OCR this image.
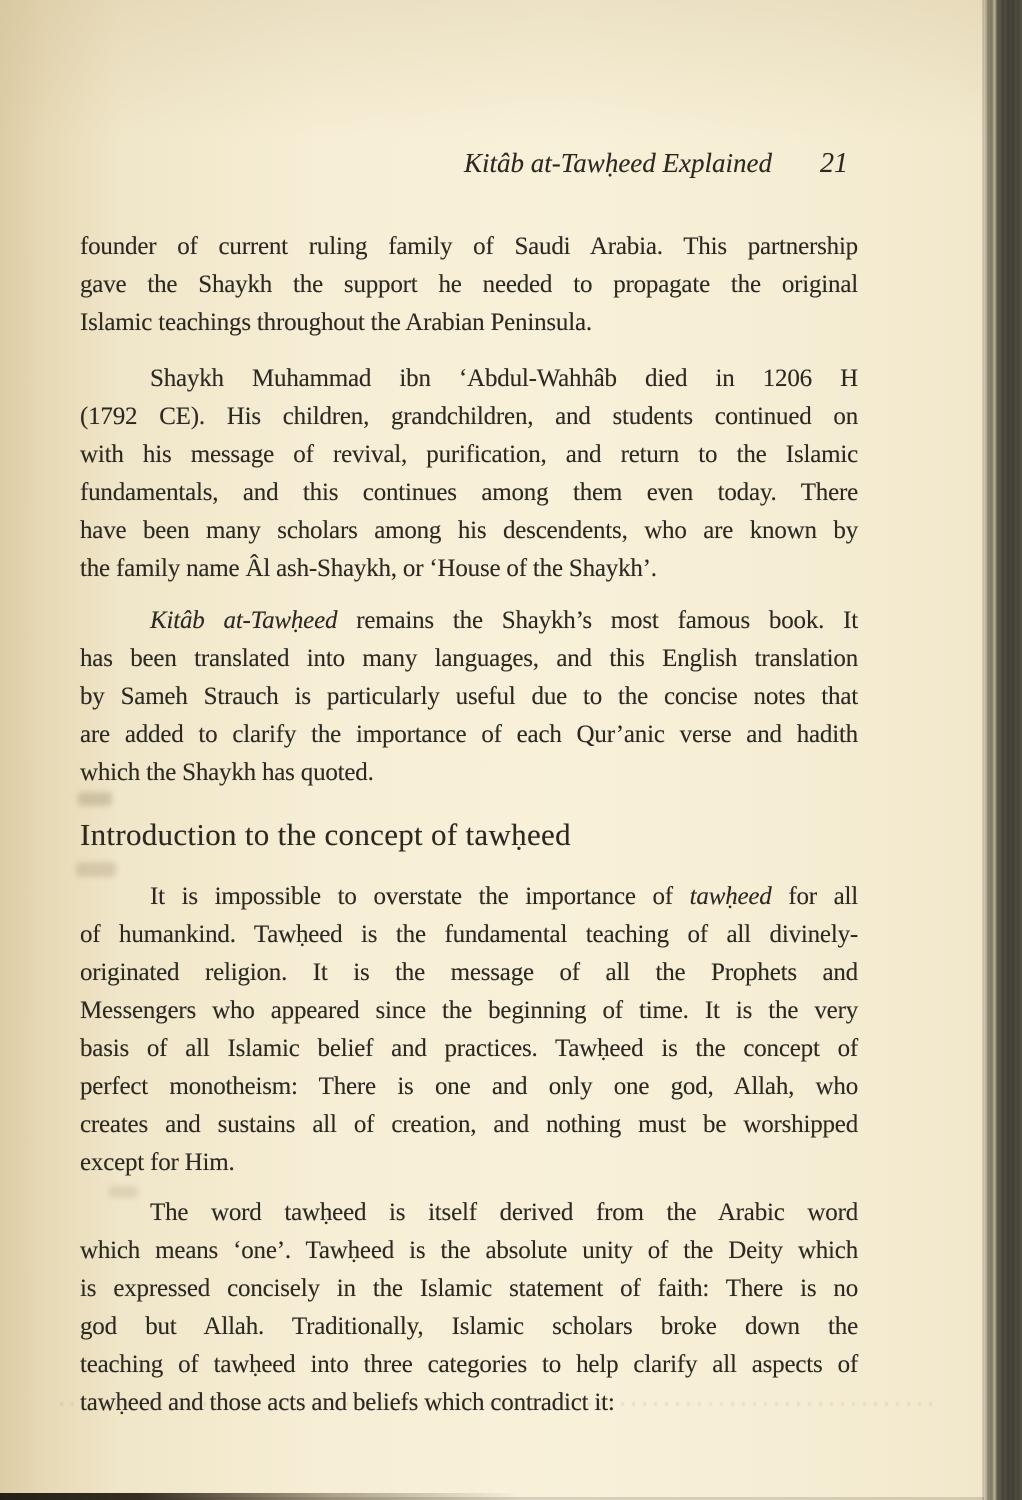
Kitâb at-Tawḥeed Explained 21
founder of current ruling family of Saudi Arabia. This partnership
gave the Shaykh the support he needed to propagate the original
Islamic teachings throughout the Arabian Peninsula.
Shaykh Muhammad ibn ‘Abdul-Wahhâb died in 1206 H
(1792 CE). His children, grandchildren, and students continued on
with his message of revival, purification, and return to the Islamic
fundamentals, and this continues among them even today. There
have been many scholars among his descendents, who are known by
the family name Âl ash-Shaykh, or ‘House of the Shaykh’.
Kitâb at-Tawḥeed remains the Shaykh’s most famous book. It
has been translated into many languages, and this English translation
by Sameh Strauch is particularly useful due to the concise notes that
are added to clarify the importance of each Qur’anic verse and hadith
which the Shaykh has quoted.
Introduction to the concept of tawḥeed
It is impossible to overstate the importance of tawḥeed for all
of humankind. Tawḥeed is the fundamental teaching of all divinely-
originated religion. It is the message of all the Prophets and
Messengers who appeared since the beginning of time. It is the very
basis of all Islamic belief and practices. Tawḥeed is the concept of
perfect monotheism: There is one and only one god, Allah, who
creates and sustains all of creation, and nothing must be worshipped
except for Him.
The word tawḥeed is itself derived from the Arabic word
which means ‘one’. Tawḥeed is the absolute unity of the Deity which
is expressed concisely in the Islamic statement of faith: There is no
god but Allah. Traditionally, Islamic scholars broke down the
teaching of tawḥeed into three categories to help clarify all aspects of
tawḥeed and those acts and beliefs which contradict it:
